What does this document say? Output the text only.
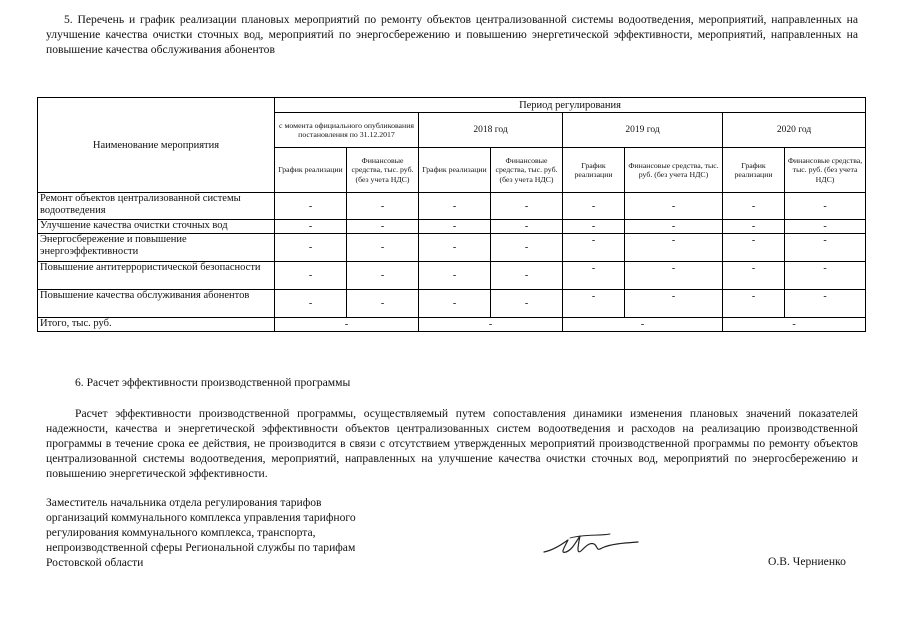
5. Перечень и график реализации плановых мероприятий по ремонту объектов централизованной системы водоотведения, мероприятий, направленных на улучшение качества очистки сточных вод, мероприятий по энергосбережению и повышению энергетической эффективности, мероприятий, направленных на повышение качества обслуживания абонентов
Наименование мероприятия	Период регулирования							
	с момента официального опубликования постановления по 31.12.2017		2018 год		2019 год		2020 год	
	График реализации	Финансовые средства, тыс. руб. (без учета НДС)	График реализации	Финансовые средства, тыс. руб. (без учета НДС)	График реализации	Финансовые средства, тыс. руб. (без учета НДС)	График реализации	Финансовые средства, тыс. руб. (без учета НДС)
Ремонт объектов централизованной системы водоотведения	-	-	-	-	-	-	-	-
Улучшение качества очистки сточных вод	-	-	-	-	-	-	-	-
Энергосбережение и повышение энергоэффективности	-	-	-	-	-	-	-	-
Повышение антитеррористической безопасности	-	-	-	-	-	-	-	-
Повышение качества обслуживания абонентов	-	-	-	-	-	-	-	-
Итого, тыс. руб.	-		-		-		-	
6. Расчет эффективности производственной программы
Расчет эффективности производственной программы, осуществляемый путем сопоставления динамики изменения плановых значений показателей надежности, качества и энергетической эффективности объектов централизованных систем водоотведения и расходов на реализацию производственной программы в течение срока ее действия, не производится в связи с отсутствием утвержденных мероприятий производственной программы по ремонту объектов централизованной системы водоотведения, мероприятий, направленных на улучшение качества очистки сточных вод, мероприятий по энергосбережению и повышению энергетической эффективности.
Заместитель начальника отдела регулирования тарифов организаций коммунального комплекса управления тарифного регулирования коммунального комплекса, транспорта, непроизводственной сферы Региональной службы по тарифам Ростовской области	О.В. Черниенко
